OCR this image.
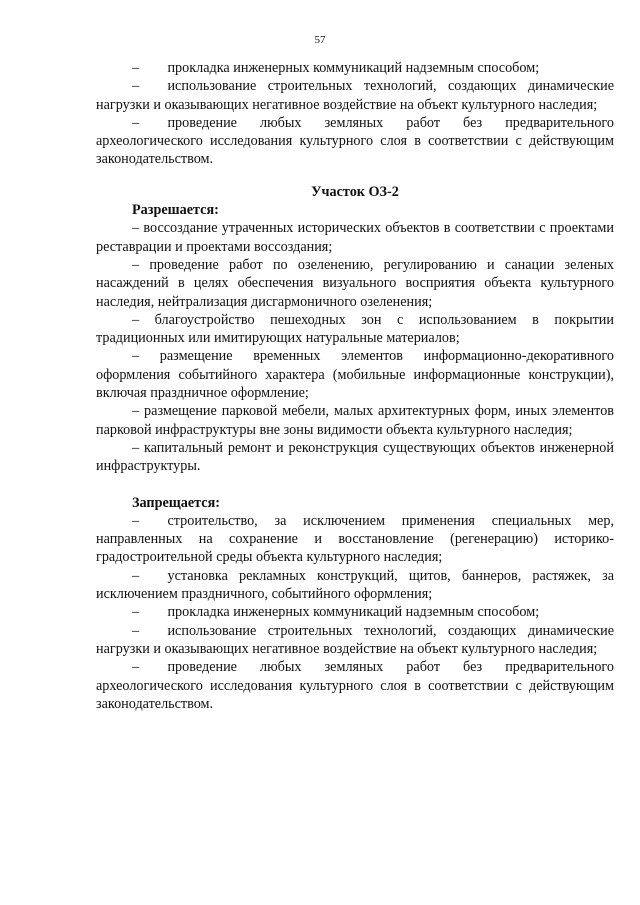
57

–  прокладка инженерных коммуникаций надземным способом;

–  использование строительных технологий, создающих динамические нагрузки и оказывающих негативное воздействие на объект культурного наследия;

–  проведение любых земляных работ без предварительного археологического исследования культурного слоя в соответствии с действующим законодательством.

Участок ОЗ-2

Разрешается:

– воссоздание утраченных исторических объектов в соответствии с проектами реставрации и проектами воссоздания;

– проведение работ по озеленению, регулированию и санации зеленых насаждений в целях обеспечения визуального восприятия объекта культурного наследия, нейтрализация дисгармоничного озеленения;

– благоустройство пешеходных зон с использованием в покрытии традиционных или имитирующих натуральные материалов;

– размещение временных элементов информационно-декоративного оформления событийного характера (мобильные информационные конструкции), включая праздничное оформление;

– размещение парковой мебели, малых архитектурных форм, иных элементов парковой инфраструктуры вне зоны видимости объекта культурного наследия;

– капитальный ремонт и реконструкция существующих объектов инженерной инфраструктуры.

Запрещается:

–  строительство, за исключением применения специальных мер, направленных на сохранение и восстановление (регенерацию) историко-градостроительной среды объекта культурного наследия;

–  установка рекламных конструкций, щитов, баннеров, растяжек, за исключением праздничного, событийного оформления;

–  прокладка инженерных коммуникаций надземным способом;

–  использование строительных технологий, создающих динамические нагрузки и оказывающих негативное воздействие на объект культурного наследия;

–  проведение любых земляных работ без предварительного археологического исследования культурного слоя в соответствии с действующим законодательством.
